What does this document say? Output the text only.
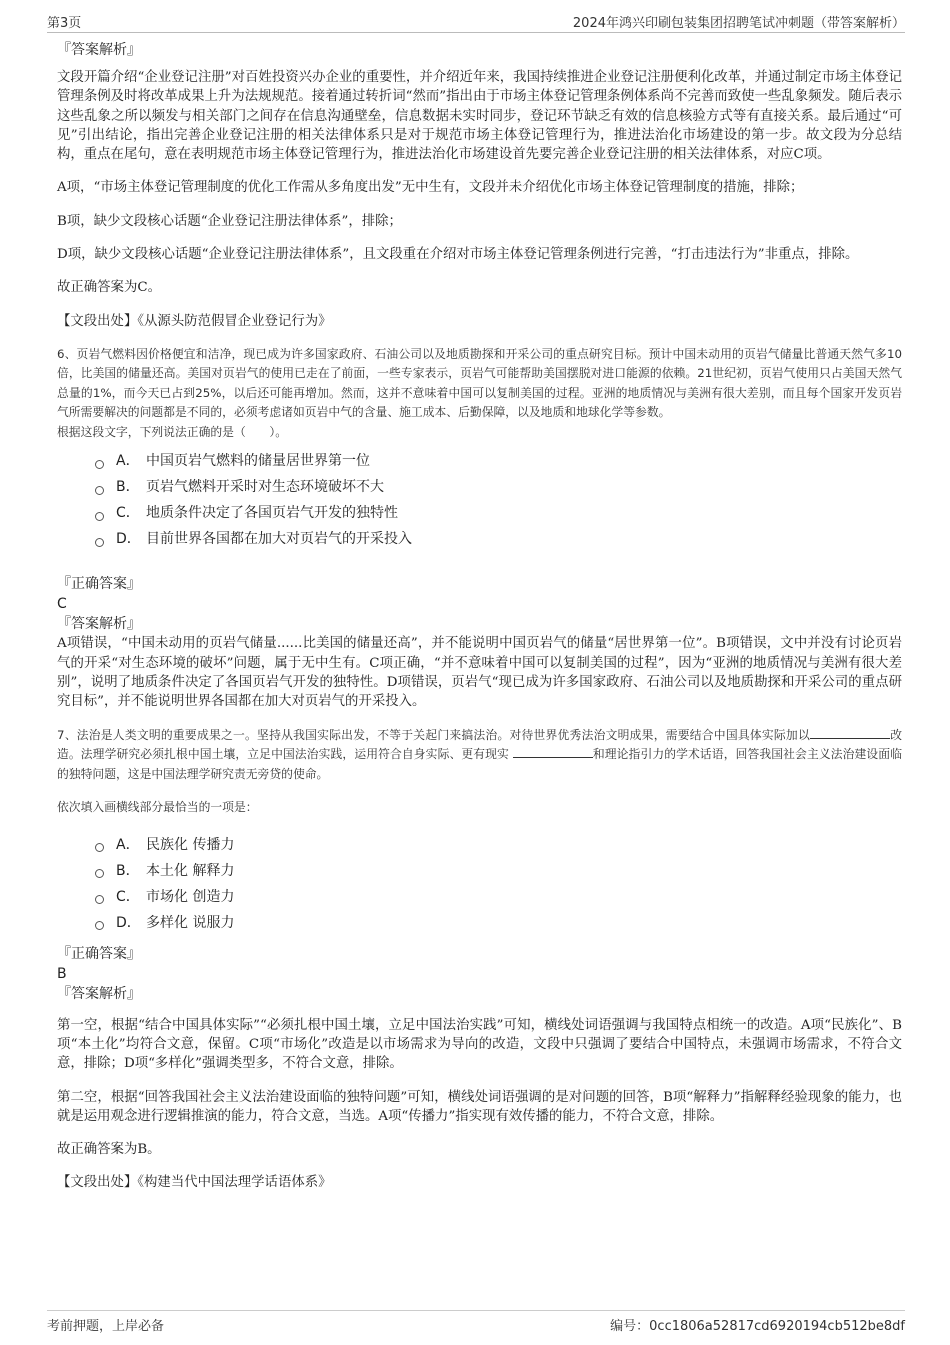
第3页	2024年鸿兴印刷包装集团招聘笔试冲刺题（带答案解析）

『答案解析』

文段开篇介绍“企业登记注册”对百姓投资兴办企业的重要性，并介绍近年来，我国持续推进企业登记注册便利化改革，并通过制定市场主体登记管理条例及时将改革成果上升为法规规范。接着通过转折词“然而”指出由于市场主体登记管理条例体系尚不完善而致使一些乱象频发。随后表示这些乱象之所以频发与相关部门之间存在信息沟通壁垒，信息数据未实时同步，登记环节缺乏有效的信息核验方式等有直接关系。最后通过“可见”引出结论，指出完善企业登记注册的相关法律体系只是对于规范市场主体登记管理行为，推进法治化市场建设的第一步。故文段为分总结构，重点在尾句，意在表明规范市场主体登记管理行为，推进法治化市场建设首先要完善企业登记注册的相关法律体系，对应C项。

A项，“市场主体登记管理制度的优化工作需从多角度出发”无中生有，文段并未介绍优化市场主体登记管理制度的措施，排除；

B项，缺少文段核心话题“企业登记注册法律体系”，排除；

D项，缺少文段核心话题“企业登记注册法律体系”，且文段重在介绍对市场主体登记管理条例进行完善，“打击违法行为”非重点，排除。

故正确答案为C。

【文段出处】《从源头防范假冒企业登记行为》

6、页岩气燃料因价格便宜和洁净，现已成为许多国家政府、石油公司以及地质勘探和开采公司的重点研究目标。预计中国未动用的页岩气储量比普通天然气多10倍，比美国的储量还高。美国对页岩气的使用已走在了前面，一些专家表示，页岩气可能帮助美国摆脱对进口能源的依赖。21世纪初，页岩气使用只占美国天然气总量的1%，而今天已占到25%，以后还可能再增加。然而，这并不意味着中国可以复制美国的过程。亚洲的地质情况与美洲有很大差别，而且每个国家开发页岩气所需要解决的问题都是不同的，必须考虑诸如页岩中气的含量、施工成本、后勤保障，以及地质和地球化学等参数。

根据这段文字，下列说法正确的是（　　）。

A． 中国页岩气燃料的储量居世界第一位
B． 页岩气燃料开采时对生态环境破坏不大
C． 地质条件决定了各国页岩气开发的独特性
D． 目前世界各国都在加大对页岩气的开采投入

『正确答案』

C

『答案解析』

A项错误，“中国未动用的页岩气储量......比美国的储量还高”，并不能说明中国页岩气的储量“居世界第一位”。B项错误，文中并没有讨论页岩气的开采“对生态环境的破坏”问题，属于无中生有。C项正确，“并不意味着中国可以复制美国的过程”，因为“亚洲的地质情况与美洲有很大差别”，说明了地质条件决定了各国页岩气开发的独特性。D项错误，页岩气“现已成为许多国家政府、石油公司以及地质勘探和开采公司的重点研究目标”，并不能说明世界各国都在加大对页岩气的开采投入。

7、法治是人类文明的重要成果之一。坚持从我国实际出发，不等于关起门来搞法治。对待世界优秀法治文明成果，需要结合中国具体实际加以	改造。法理学研究必须扎根中国土壤，立足中国法治实践，运用符合自身实际、更有现实	和理论指引力的学术话语，回答我国社会主义法治建设面临的独特问题，这是中国法理学研究责无旁贷的使命。

依次填入画横线部分最恰当的一项是：

A． 民族化 传播力
B． 本土化 解释力
C． 市场化 创造力
D． 多样化 说服力

『正确答案』

B

『答案解析』

第一空，根据“结合中国具体实际”“必须扎根中国土壤，立足中国法治实践”可知，横线处词语强调与我国特点相统一的改造。A项“民族化”、B项“本土化”均符合文意，保留。C项“市场化”改造是以市场需求为导向的改造，文段中只强调了要结合中国特点，未强调市场需求，不符合文意，排除；D项“多样化”强调类型多，不符合文意，排除。

第二空，根据“回答我国社会主义法治建设面临的独特问题”可知，横线处词语强调的是对问题的回答，B项“解释力”指解释经验现象的能力，也就是运用观念进行逻辑推演的能力，符合文意，当选。A项“传播力”指实现有效传播的能力，不符合文意，排除。

故正确答案为B。

【文段出处】《构建当代中国法理学话语体系》

考前押题，上岸必备	编号：0cc1806a52817cd6920194cb512be8df
